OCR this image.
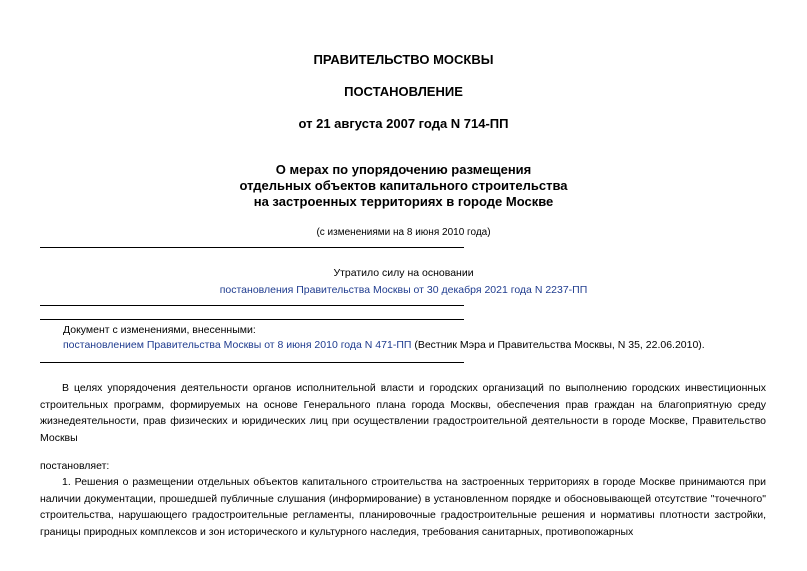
ПРАВИТЕЛЬСТВО МОСКВЫ
ПОСТАНОВЛЕНИЕ
от 21 августа 2007 года N 714-ПП
О мерах по упорядочению размещения
отдельных объектов капитального строительства
на застроенных территориях в городе Москве
(с изменениями на 8 июня 2010 года)
Утратило силу на основании
постановления Правительства Москвы от 30 декабря 2021 года N 2237-ПП
Документ с изменениями, внесенными:
постановлением Правительства Москвы от 8 июня 2010 года N 471-ПП (Вестник Мэра и Правительства Москвы, N 35, 22.06.2010).
В целях упорядочения деятельности органов исполнительной власти и городских организаций по выполнению городских инвестиционных строительных программ, формируемых на основе Генерального плана города Москвы, обеспечения прав граждан на благоприятную среду жизнедеятельности, прав физических и юридических лиц при осуществлении градостроительной деятельности в городе Москве, Правительство Москвы
постановляет:
1. Решения о размещении отдельных объектов капитального строительства на застроенных территориях в городе Москве принимаются при наличии документации, прошедшей публичные слушания (информирование) в установленном порядке и обосновывающей отсутствие "точечного" строительства, нарушающего градостроительные регламенты, планировочные градостроительные решения и нормативы плотности застройки, границы природных комплексов и зон исторического и культурного наследия, требования санитарных, противопожарных
